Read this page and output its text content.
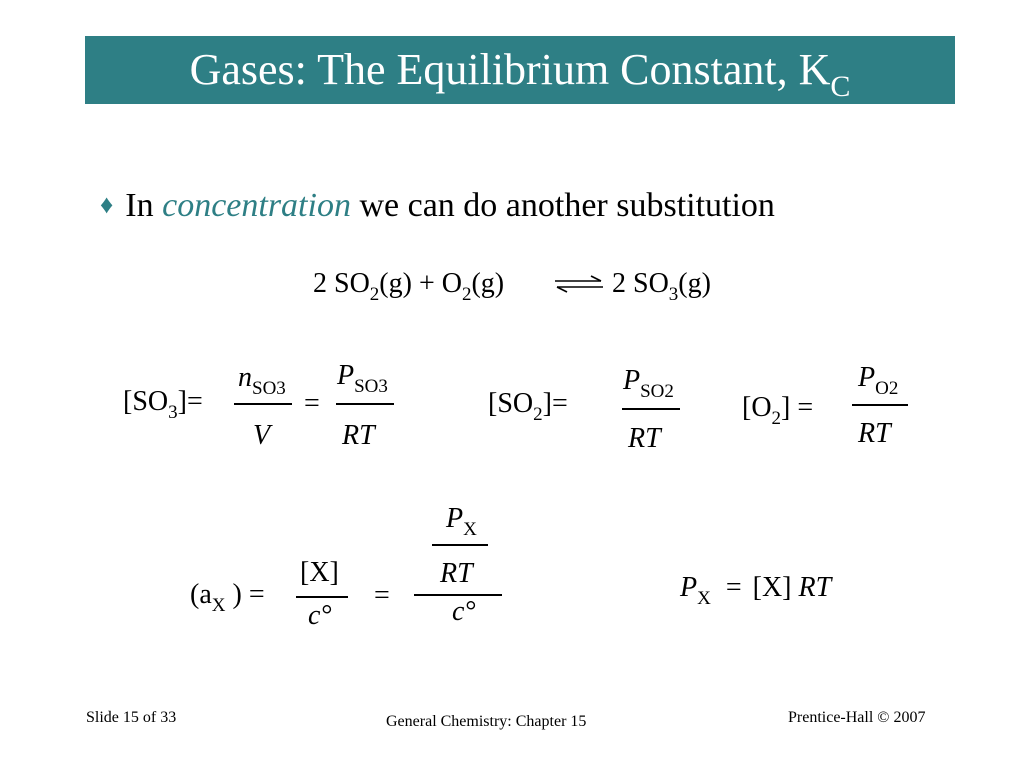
Gases: The Equilibrium Constant, $K_C$
♦ In concentration we can do another substitution
2 $SO_2(g) + O_2(g)$	⇌ 2 $SO_3(g)$
$[SO_3]=$
$n_{SO3}$
V
=
$P_{SO3}$
RT
$[SO_2]=$
$P_{SO2}$
RT
$[O_2]$ =
$P_{O2}$
RT
($a_X$ ) =
[X]
c°
=
$P_X$
RT
c°
$P_X = [X]$ RT
Slide 15 of 33	General Chemistry: Chapter 15	Prentice-Hall © 2007
